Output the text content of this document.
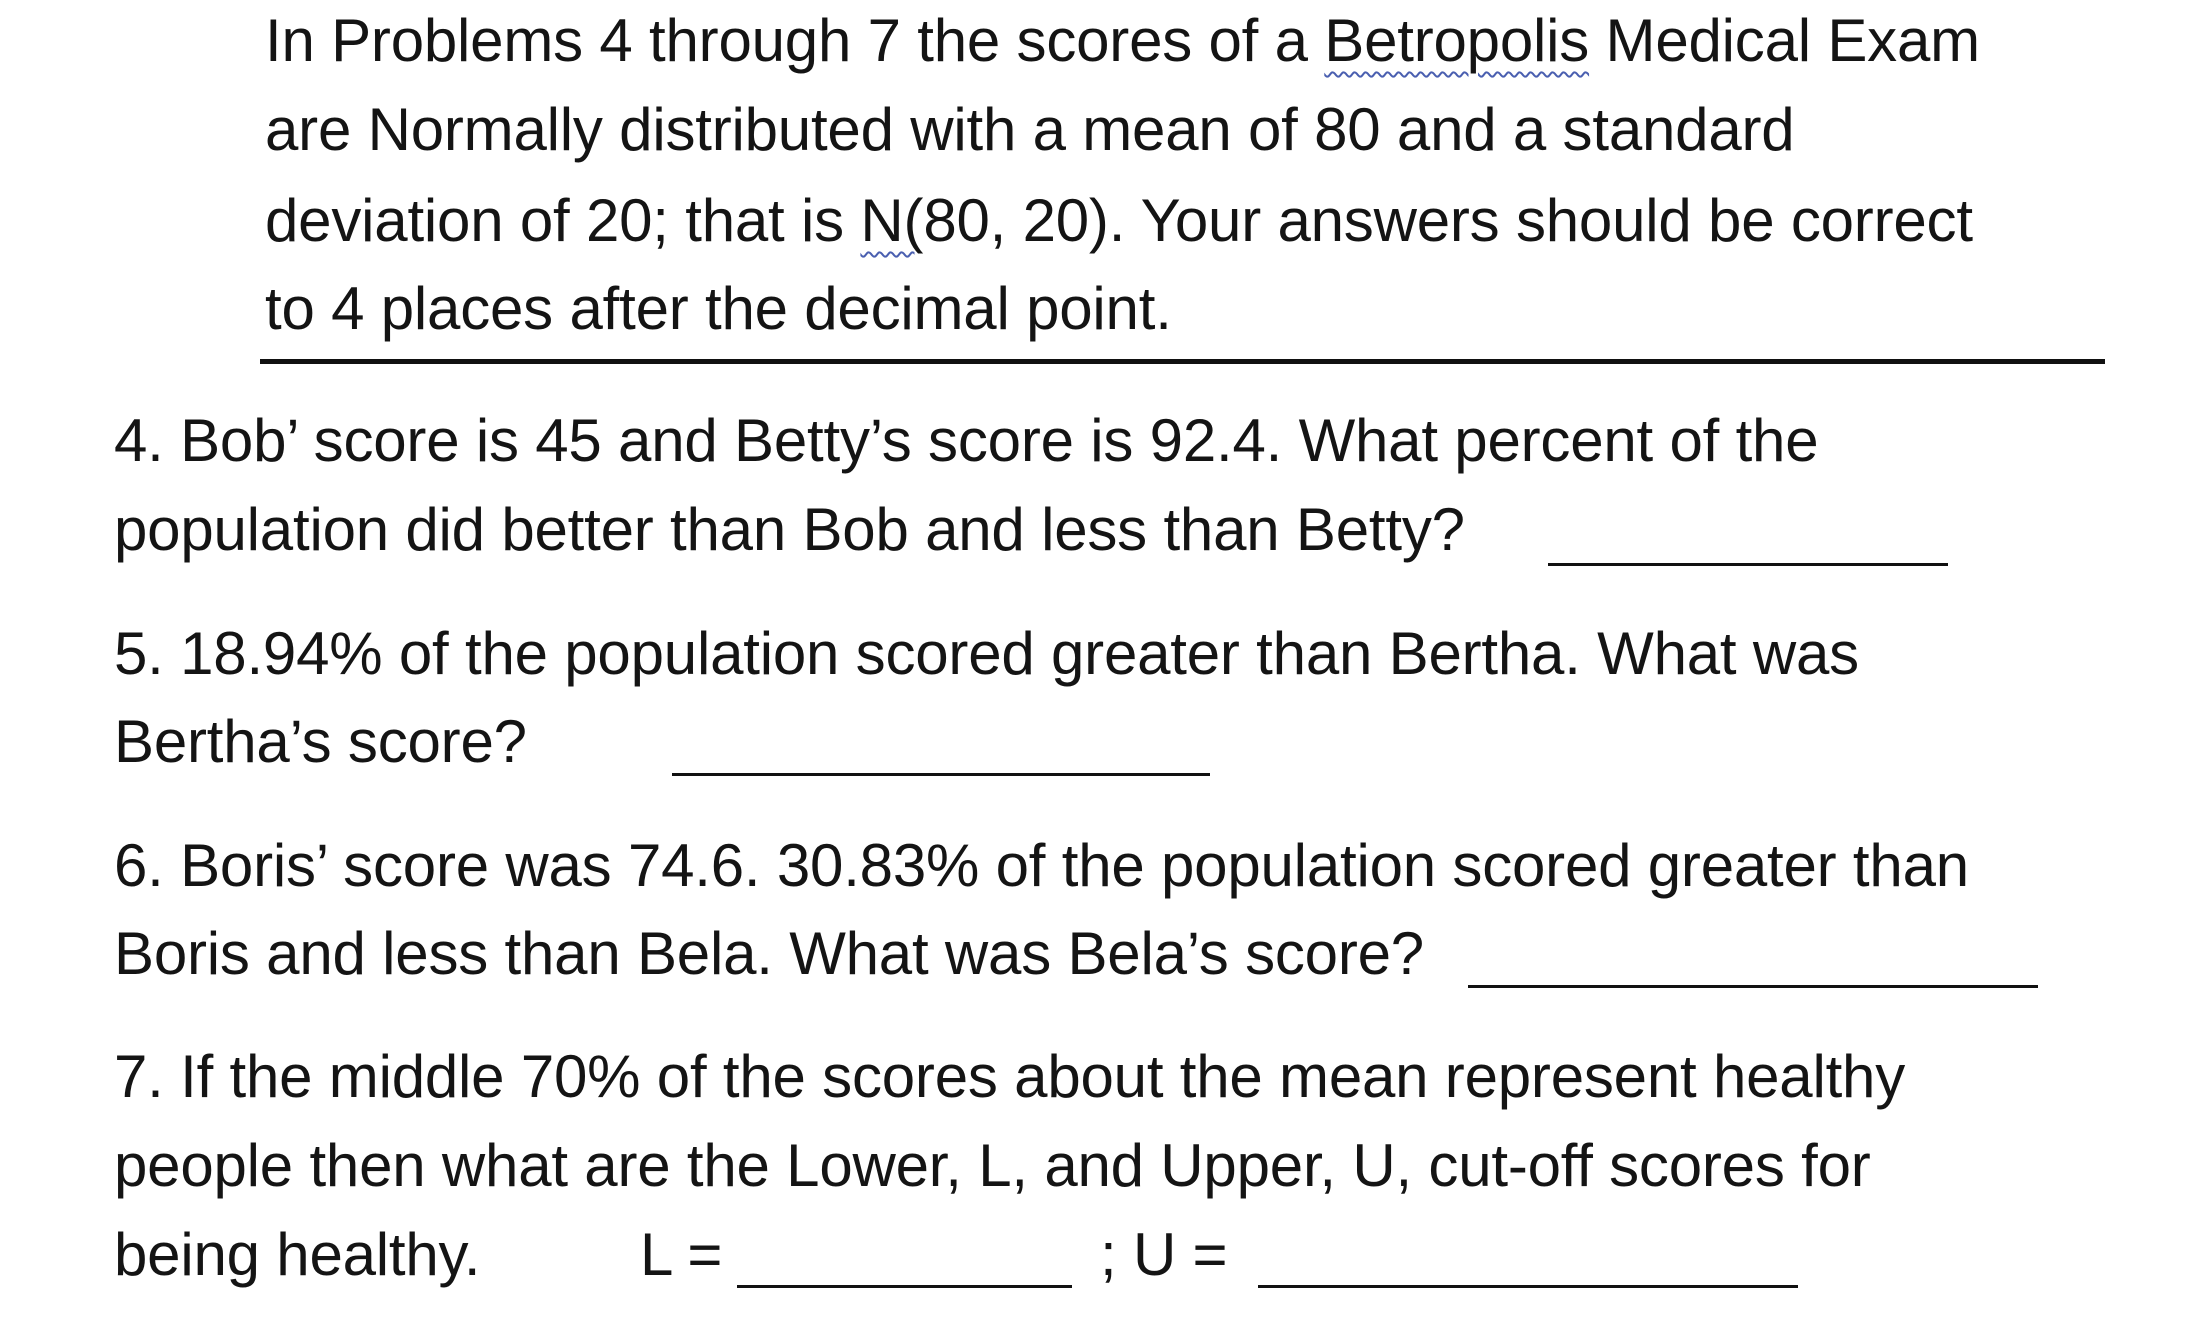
In Problems 4 through 7 the scores of a Betropolis Medical Exam
are Normally distributed with a mean of 80 and a standard
deviation of 20; that is N(80, 20). Your answers should be correct
to 4 places after the decimal point.
4. Bob’ score is 45 and Betty’s score is 92.4. What percent of the
population did better than Bob and less than Betty?
5. 18.94% of the population scored greater than Bertha. What was
Bertha’s score?
6. Boris’ score was 74.6. 30.83% of the population scored greater than
Boris and less than Bela. What was Bela’s score?
7. If the middle 70% of the scores about the mean represent healthy
people then what are the Lower, L, and Upper, U, cut-off scores for
being healthy.	L =	; U =
